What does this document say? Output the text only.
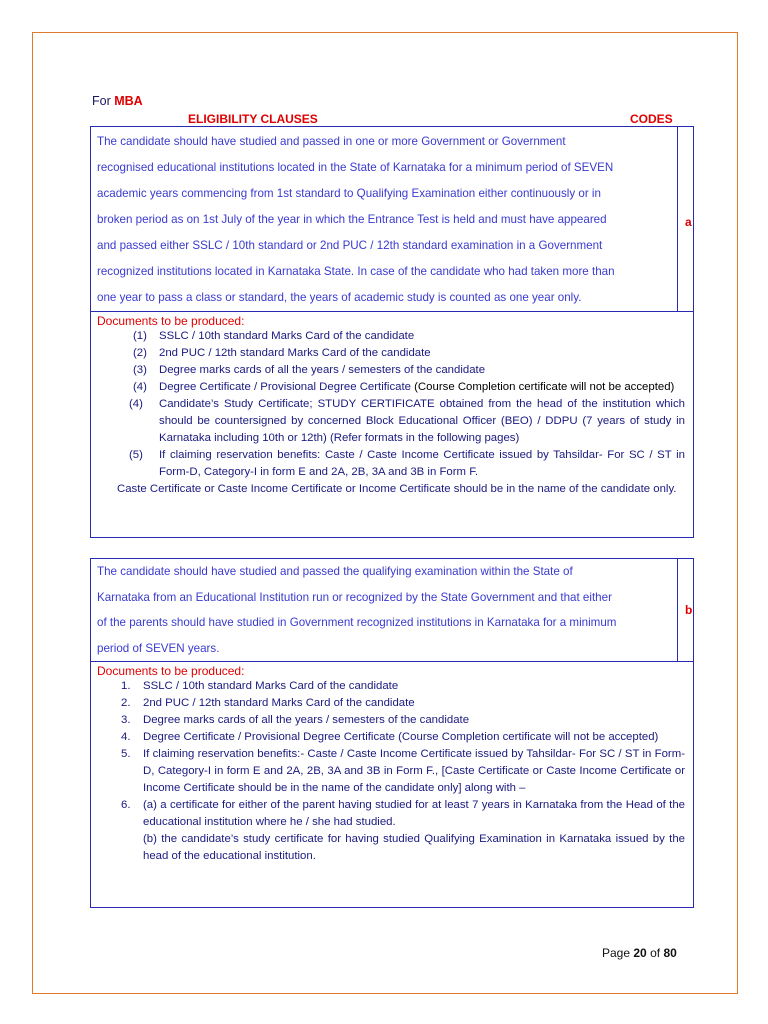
For MBA
ELIGIBILITY CLAUSES	CODES

The candidate should have studied and passed in one or more Government or Government

recognised educational institutions located in the State of Karnataka for a minimum period of SEVEN

academic years commencing from 1st standard to Qualifying Examination either continuously or in

broken period as on 1st July of the year in which the Entrance Test is held and must have appeared

and passed either SSLC / 10th standard or 2nd PUC / 12th standard examination in a Government

recognized institutions located in Karnataka State. In case of the candidate who had taken more than

one year to pass a class or standard, the years of academic study is counted as one year only.

a

Documents to be produced:

(1) SSLC / 10th standard Marks Card of the candidate
(2) 2nd PUC / 12th standard Marks Card of the candidate
(3) Degree marks cards of all the years / semesters of the candidate
(4) Degree Certificate / Provisional Degree Certificate (Course Completion certificate will not be accepted)
(4) Candidate’s Study Certificate; STUDY CERTIFICATE obtained from the head of the institution which should be countersigned by concerned Block Educational Officer (BEO) / DDPU (7 years of study in Karnataka including 10th or 12th) (Refer formats in the following pages)
(5) If claiming reservation benefits: Caste / Caste Income Certificate issued by Tahsildar- For SC / ST in Form-D, Category-I in form E and 2A, 2B, 3A and 3B in Form F.

Caste Certificate or Caste Income Certificate or Income Certificate should be in the name of the candidate only.

The candidate should have studied and passed the qualifying examination within the State of

Karnataka from an Educational Institution run or recognized by the State Government and that either

of the parents should have studied in Government recognized institutions in Karnataka for a minimum

period of SEVEN years.

b

Documents to be produced:

1. SSLC / 10th standard Marks Card of the candidate
2. 2nd PUC / 12th standard Marks Card of the candidate
3. Degree marks cards of all the years / semesters of the candidate
4. Degree Certificate / Provisional Degree Certificate (Course Completion certificate will not be accepted)
5. If claiming reservation benefits:- Caste / Caste Income Certificate issued by Tahsildar- For SC / ST in Form-D, Category-I in form E and 2A, 2B, 3A and 3B in Form F., [Caste Certificate or Caste Income Certificate or Income Certificate should be in the name of the candidate only] along with –
6. (a) a certificate for either of the parent having studied for at least 7 years in Karnataka from the Head of the educational institution where he / she had studied.

(b) the candidate’s study certificate for having studied Qualifying Examination in Karnataka issued by the head of the educational institution.

Page 20 of 80
